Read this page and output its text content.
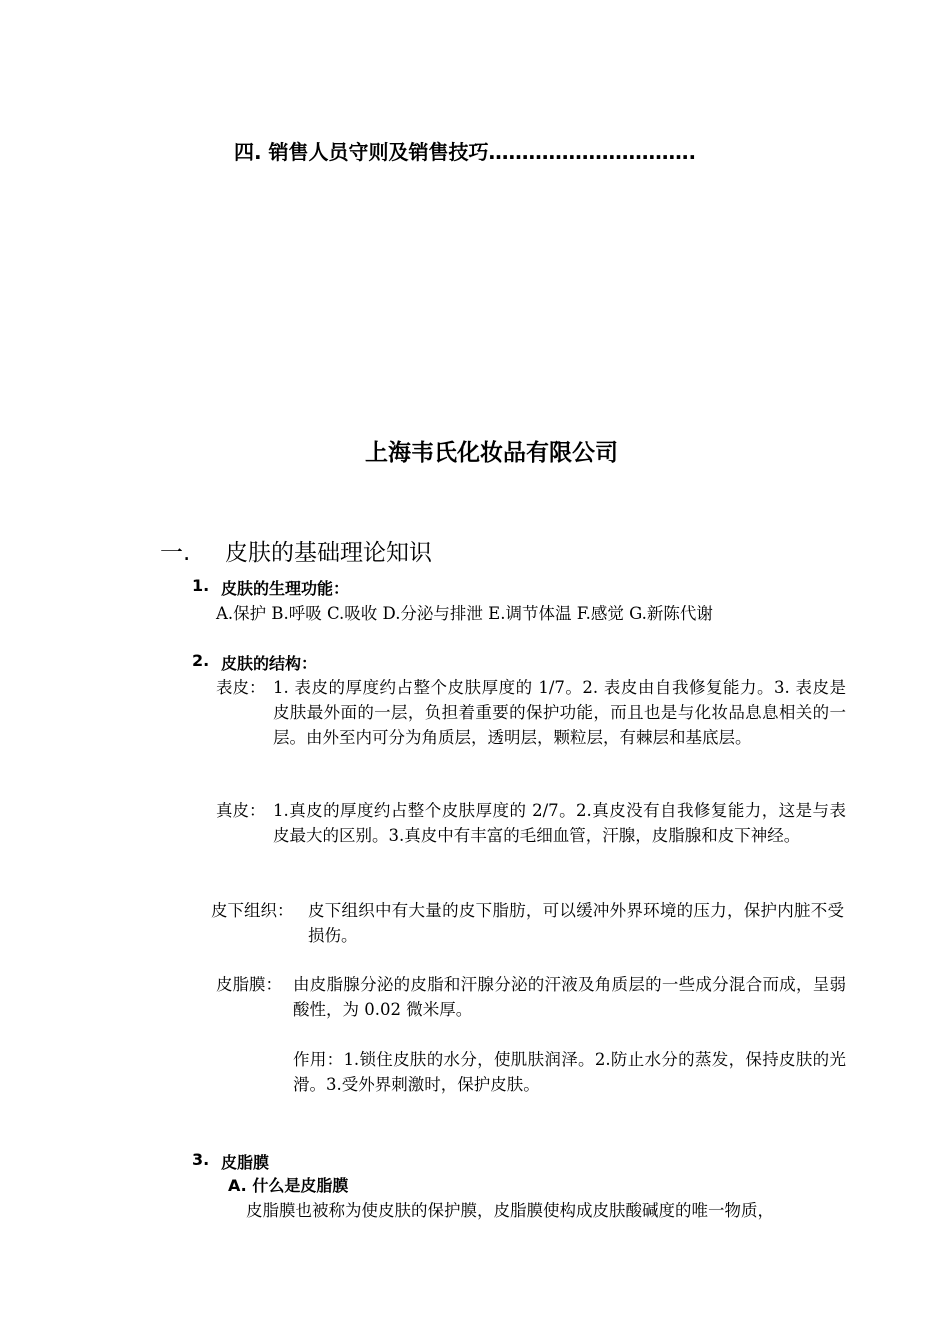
四. 销售人员守则及销售技巧………………………….
上海韦氏化妆品有限公司
一. 皮肤的基础理论知识
1. 皮肤的生理功能：
A.保护 B.呼吸 C.吸收 D.分泌与排泄 E.调节体温 F.感觉 G.新陈代谢
2. 皮肤的结构：
表皮： 1. 表皮的厚度约占整个皮肤厚度的 1/7。2. 表皮由自我修复能力。3. 表皮是皮肤最外面的一层，负担着重要的保护功能，而且也是与化妆品息息相关的一层。由外至内可分为角质层，透明层，颗粒层，有棘层和基底层。
真皮： 1.真皮的厚度约占整个皮肤厚度的 2/7。2.真皮没有自我修复能力，这是与表皮最大的区别。3.真皮中有丰富的毛细血管，汗腺，皮脂腺和皮下神经。
皮下组织： 皮下组织中有大量的皮下脂肪，可以缓冲外界环境的压力，保护内脏不受损伤。
皮脂膜： 由皮脂腺分泌的皮脂和汗腺分泌的汗液及角质层的一些成分混合而成，呈弱酸性，为 0.02 微米厚。
作用：1.锁住皮肤的水分，使肌肤润泽。2.防止水分的蒸发，保持皮肤的光滑。3.受外界刺激时，保护皮肤。
3. 皮脂膜
A. 什么是皮脂膜
皮脂膜也被称为使皮肤的保护膜，皮脂膜使构成皮肤酸碱度的唯一物质，
